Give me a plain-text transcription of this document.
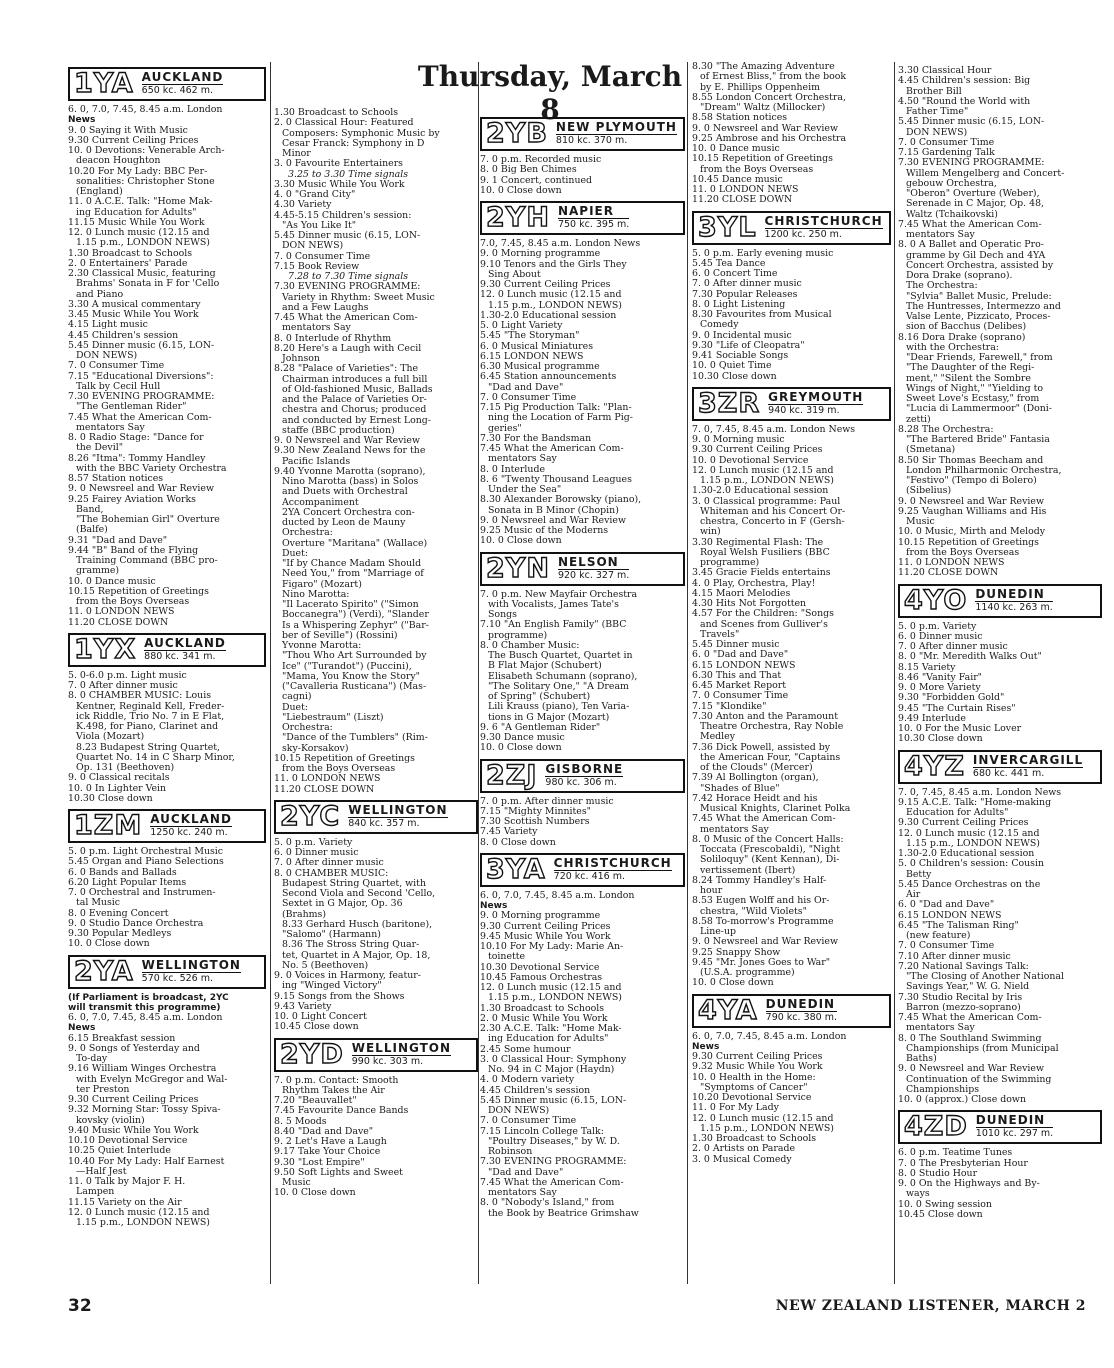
Thursday, March 8
1YA AUCKLAND
650 kc. 462 m.
6. 0, 7.0, 7.45, 8.45 a.m. London
News
9. 0 Saying it With Music
9.30 Current Ceiling Prices
10. 0 Devotions: Venerable Arch-
deacon Houghton
10.20 For My Lady: BBC Per-
sonalities: Christopher Stone
(England)
11. 0 A.C.E. Talk: "Home Mak-
ing Education for Adults"
11.15 Music While You Work
12. 0 Lunch music (12.15 and
1.15 p.m., LONDON NEWS)
1.30 Broadcast to Schools
2. 0 Entertainers' Parade
2.30 Classical Music, featuring
Brahms' Sonata in F for 'Cello
and Piano
3.30 A musical commentary
3.45 Music While You Work
4.15 Light music
4.45 Children's session
5.45 Dinner music (6.15, LON-
DON NEWS)
7. 0 Consumer Time
7.15 "Educational Diversions":
Talk by Cecil Hull
7.30 EVENING PROGRAMME:
"The Gentleman Rider"
7.45 What the American Com-
mentators Say
8. 0 Radio Stage: "Dance for
the Devil"
8.26 "Itma": Tommy Handley
with the BBC Variety Orchestra
8.57 Station notices
9. 0 Newsreel and War Review
9.25 Fairey Aviation Works
Band,
"The Bohemian Girl" Overture
(Balfe)
9.31 "Dad and Dave"
9.44 "B" Band of the Flying
Training Command (BBC pro-
gramme)
10. 0 Dance music
10.15 Repetition of Greetings
from the Boys Overseas
11. 0 LONDON NEWS
11.20 CLOSE DOWN
1YX AUCKLAND
880 kc. 341 m.
5. 0-6.0 p.m. Light music
7. 0 After dinner music
8. 0 CHAMBER MUSIC: Louis
Kentner, Reginald Kell, Freder-
ick Riddle, Trio No. 7 in E Flat,
K.498, for Piano, Clarinet and
Viola (Mozart)
8.23 Budapest String Quartet,
Quartet No. 14 in C Sharp Minor,
Op. 131 (Beethoven)
9. 0 Classical recitals
10. 0 In Lighter Vein
10.30 Close down
1ZM AUCKLAND
1250 kc. 240 m.
5. 0 p.m. Light Orchestral Music
5.45 Organ and Piano Selections
6. 0 Bands and Ballads
6.20 Light Popular Items
7. 0 Orchestral and Instrumen-
tal Music
8. 0 Evening Concert
9. 0 Studio Dance Orchestra
9.30 Popular Medleys
10. 0 Close down
2YA WELLINGTON
570 kc. 526 m.
(If Parliament is broadcast, 2YC
will transmit this programme)
6. 0, 7.0, 7.45, 8.45 a.m. London
News
6.15 Breakfast session
9. 0 Songs of Yesterday and
To-day
9.16 William Winges Orchestra
with Evelyn McGregor and Wal-
ter Preston
9.30 Current Ceiling Prices
9.32 Morning Star: Tossy Spiva-
kovsky (violin)
9.40 Music While You Work
10.10 Devotional Service
10.25 Quiet Interlude
10.40 For My Lady: Half Earnest
—Half Jest
11. 0 Talk by Major F. H.
Lampen
11.15 Variety on the Air
12. 0 Lunch music (12.15 and
1.15 p.m., LONDON NEWS)
1.30 Broadcast to Schools
2. 0 Classical Hour: Featured
Composers: Symphonic Music by
Cesar Franck: Symphony in D
Minor
3. 0 Favourite Entertainers
3.25 to 3.30 Time signals
3.30 Music While You Work
4. 0 "Grand City"
4.30 Variety
4.45-5.15 Children's session:
"As You Like It"
5.45 Dinner music (6.15, LON-
DON NEWS)
7. 0 Consumer Time
7.15 Book Review
7.28 to 7.30 Time signals
7.30 EVENING PROGRAMME:
Variety in Rhythm: Sweet Music
and a Few Laughs
7.45 What the American Com-
mentators Say
8. 0 Interlude of Rhythm
8.20 Here's a Laugh with Cecil
Johnson
8.28 "Palace of Varieties": The
Chairman introduces a full bill
of Old-fashioned Music, Ballads
and the Palace of Varieties Or-
chestra and Chorus; produced
and conducted by Ernest Long-
staffe (BBC production)
9. 0 Newsreel and War Review
9.30 New Zealand News for the
Pacific Islands
9.40 Yvonne Marotta (soprano),
Nino Marotta (bass) in Solos
and Duets with Orchestral
Accompaniment
2YA Concert Orchestra con-
ducted by Leon de Mauny
Orchestra:
Overture "Maritana" (Wallace)
Duet:
"If by Chance Madam Should
Need You," from "Marriage of
Figaro" (Mozart)
Nino Marotta:
"Il Lacerato Spirito" ("Simon
Boccanegra") (Verdi), "Slander
Is a Whispering Zephyr" ("Bar-
ber of Seville") (Rossini)
Yvonne Marotta:
"Thou Who Art Surrounded by
Ice" ("Turandot") (Puccini),
"Mama, You Know the Story"
("Cavalleria Rusticana") (Mas-
cagni)
Duet:
"Liebestraum" (Liszt)
Orchestra:
"Dance of the Tumblers" (Rim-
sky-Korsakov)
10.15 Repetition of Greetings
from the Boys Overseas
11. 0 LONDON NEWS
11.20 CLOSE DOWN
2YC WELLINGTON
840 kc. 357 m.
5. 0 p.m. Variety
6. 0 Dinner music
7. 0 After dinner music
8. 0 CHAMBER MUSIC:
Budapest String Quartet, with
Second Viola and Second 'Cello,
Sextet in G Major, Op. 36
(Brahms)
8.33 Gerhard Husch (baritone),
"Salomo" (Harmann)
8.36 The Stross String Quar-
tet, Quartet in A Major, Op. 18,
No. 5 (Beethoven)
9. 0 Voices in Harmony, featur-
ing "Winged Victory"
9.15 Songs from the Shows
9.43 Variety
10. 0 Light Concert
10.45 Close down
2YD WELLINGTON
990 kc. 303 m.
7. 0 p.m. Contact: Smooth
Rhythm Takes the Air
7.20 "Beauvallet"
7.45 Favourite Dance Bands
8. 5 Moods
8.40 "Dad and Dave"
9. 2 Let's Have a Laugh
9.17 Take Your Choice
9.30 "Lost Empire"
9.50 Soft Lights and Sweet
Music
10. 0 Close down
2YB NEW PLYMOUTH
810 kc. 370 m.
7. 0 p.m. Recorded music
8. 0 Big Ben Chimes
9. 1 Concert, continued
10. 0 Close down
2YH NAPIER
750 kc. 395 m.
7.0, 7.45, 8.45 a.m. London News
9. 0 Morning programme
9.10 Tenors and the Girls They
Sing About
9.30 Current Ceiling Prices
12. 0 Lunch music (12.15 and
1.15 p.m., LONDON NEWS)
1.30-2.0 Educational session
5. 0 Light Variety
5.45 "The Storyman"
6. 0 Musical Miniatures
6.15 LONDON NEWS
6.30 Musical programme
6.45 Station announcements
"Dad and Dave"
7. 0 Consumer Time
7.15 Pig Production Talk: "Plan-
ning the Location of Farm Pig-
geries"
7.30 For the Bandsman
7.45 What the American Com-
mentators Say
8. 0 Interlude
8. 6 "Twenty Thousand Leagues
Under the Sea"
8.30 Alexander Borowsky (piano),
Sonata in B Minor (Chopin)
9. 0 Newsreel and War Review
9.25 Music of the Moderns
10. 0 Close down
2YN NELSON
920 kc. 327 m.
7. 0 p.m. New Mayfair Orchestra
with Vocalists, James Tate's
Songs
7.10 "An English Family" (BBC
programme)
8. 0 Chamber Music:
The Busch Quartet, Quartet in
B Flat Major (Schubert)
Elisabeth Schumann (soprano),
"The Solitary One," "A Dream
of Spring" (Schubert)
Lili Krauss (piano), Ten Varia-
tions in G Major (Mozart)
9. 6 "A Gentleman Rider"
9.30 Dance music
10. 0 Close down
2ZJ GISBORNE
980 kc. 306 m.
7. 0 p.m. After dinner music
7.15 "Mighty Minnites"
7.30 Scottish Numbers
7.45 Variety
8. 0 Close down
3YA CHRISTCHURCH
720 kc. 416 m.
6. 0, 7.0, 7.45, 8.45 a.m. London
News
9. 0 Morning programme
9.30 Current Ceiling Prices
9.45 Music While You Work
10.10 For My Lady: Marie An-
toinette
10.30 Devotional Service
10.45 Famous Orchestras
12. 0 Lunch music (12.15 and
1.15 p.m., LONDON NEWS)
1.30 Broadcast to Schools
2. 0 Music While You Work
2.30 A.C.E. Talk: "Home Mak-
ing Education for Adults"
2.45 Some humour
3. 0 Classical Hour: Symphony
No. 94 in C Major (Haydn)
4. 0 Modern variety
4.45 Children's session
5.45 Dinner music (6.15, LON-
DON NEWS)
7. 0 Consumer Time
7.15 Lincoln College Talk:
"Poultry Diseases," by W. D.
Robinson
7.30 EVENING PROGRAMME:
"Dad and Dave"
7.45 What the American Com-
mentators Say
8. 0 "Nobody's Island," from
the Book by Beatrice Grimshaw
8.30 "The Amazing Adventure
of Ernest Bliss," from the book
by E. Phillips Oppenheim
8.55 London Concert Orchestra,
"Dream" Waltz (Millocker)
8.58 Station notices
9. 0 Newsreel and War Review
9.25 Ambrose and his Orchestra
10. 0 Dance music
10.15 Repetition of Greetings
from the Boys Overseas
10.45 Dance music
11. 0 LONDON NEWS
11.20 CLOSE DOWN
3YL CHRISTCHURCH
1200 kc. 250 m.
5. 0 p.m. Early evening music
5.45 Tea Dance
6. 0 Concert Time
7. 0 After dinner music
7.30 Popular Releases
8. 0 Light Listening
8.30 Favourites from Musical
Comedy
9. 0 Incidental music
9.30 "Life of Cleopatra"
9.41 Sociable Songs
10. 0 Quiet Time
10.30 Close down
3ZR GREYMOUTH
940 kc. 319 m.
7. 0, 7.45, 8.45 a.m. London News
9. 0 Morning music
9.30 Current Ceiling Prices
10. 0 Devotional Service
12. 0 Lunch music (12.15 and
1.15 p.m., LONDON NEWS)
1.30-2.0 Educational session
3. 0 Classical programme: Paul
Whiteman and his Concert Or-
chestra, Concerto in F (Gersh-
win)
3.30 Regimental Flash: The
Royal Welsh Fusiliers (BBC
programme)
3.45 Gracie Fields entertains
4. 0 Play, Orchestra, Play!
4.15 Maori Melodies
4.30 Hits Not Forgotten
4.57 For the Children: "Songs
and Scenes from Gulliver's
Travels"
5.45 Dinner music
6. 0 "Dad and Dave"
6.15 LONDON NEWS
6.30 This and That
6.45 Market Report
7. 0 Consumer Time
7.15 "Klondike"
7.30 Anton and the Paramount
Theatre Orchestra, Ray Noble
Medley
7.36 Dick Powell, assisted by
the American Four, "Captains
of the Clouds" (Mercer)
7.39 Al Bollington (organ),
"Shades of Blue"
7.42 Horace Heidt and his
Musical Knights, Clarinet Polka
7.45 What the American Com-
mentators Say
8. 0 Music of the Concert Halls:
Toccata (Frescobaldi), "Night
Soliloquy" (Kent Kennan), Di-
vertissement (Ibert)
8.24 Tommy Handley's Half-
hour
8.53 Eugen Wolff and his Or-
chestra, "Wild Violets"
8.58 To-morrow's Programme
Line-up
9. 0 Newsreel and War Review
9.25 Snappy Show
9.45 "Mr. Jones Goes to War"
(U.S.A. programme)
10. 0 Close down
4YA DUNEDIN
790 kc. 380 m.
6. 0, 7.0, 7.45, 8.45 a.m. London
News
9.30 Current Ceiling Prices
9.32 Music While You Work
10. 0 Health in the Home:
"Symptoms of Cancer"
10.20 Devotional Service
11. 0 For My Lady
12. 0 Lunch music (12.15 and
1.15 p.m., LONDON NEWS)
1.30 Broadcast to Schools
2. 0 Artists on Parade
3. 0 Musical Comedy
3.30 Classical Hour
4.45 Children's session: Big
Brother Bill
4.50 "Round the World with
Father Time"
5.45 Dinner music (6.15, LON-
DON NEWS)
7. 0 Consumer Time
7.15 Gardening Talk
7.30 EVENING PROGRAMME:
Willem Mengelberg and Concert-
gebouw Orchestra,
"Oberon" Overture (Weber),
Serenade in C Major, Op. 48,
Waltz (Tchaikovski)
7.45 What the American Com-
mentators Say
8. 0 A Ballet and Operatic Pro-
gramme by Gil Dech and 4YA
Concert Orchestra, assisted by
Dora Drake (soprano).
The Orchestra:
"Sylvia" Ballet Music, Prelude:
The Huntresses, Intermezzo and
Valse Lente, Pizzicato, Proces-
sion of Bacchus (Delibes)
8.16 Dora Drake (soprano)
with the Orchestra:
"Dear Friends, Farewell," from
"The Daughter of the Regi-
ment," "Silent the Sombre
Wings of Night," "Yielding to
Sweet Love's Ecstasy," from
"Lucia di Lammermoor" (Doni-
zetti)
8.28 The Orchestra:
"The Bartered Bride" Fantasia
(Smetana)
8.50 Sir Thomas Beecham and
London Philharmonic Orchestra,
"Festivo" (Tempo di Bolero)
(Sibelius)
9. 0 Newsreel and War Review
9.25 Vaughan Williams and His
Music
10. 0 Music, Mirth and Melody
10.15 Repetition of Greetings
from the Boys Overseas
11. 0 LONDON NEWS
11.20 CLOSE DOWN
4YO DUNEDIN
1140 kc. 263 m.
5. 0 p.m. Variety
6. 0 Dinner music
7. 0 After dinner music
8. 0 "Mr. Meredith Walks Out"
8.15 Variety
8.46 "Vanity Fair"
9. 0 More Variety
9.30 "Forbidden Gold"
9.45 "The Curtain Rises"
9.49 Interlude
10. 0 For the Music Lover
10.30 Close down
4YZ INVERCARGILL
680 kc. 441 m.
7. 0, 7.45, 8.45 a.m. London News
9.15 A.C.E. Talk: "Home-making
Education for Adults"
9.30 Current Ceiling Prices
12. 0 Lunch music (12.15 and
1.15 p.m., LONDON NEWS)
1.30-2.0 Educational session
5. 0 Children's session: Cousin
Betty
5.45 Dance Orchestras on the
Air
6. 0 "Dad and Dave"
6.15 LONDON NEWS
6.45 "The Talisman Ring"
(new feature)
7. 0 Consumer Time
7.10 After dinner music
7.20 National Savings Talk:
"The Closing of Another National
Savings Year," W. G. Nield
7.30 Studio Recital by Iris
Barron (mezzo-soprano)
7.45 What the American Com-
mentators Say
8. 0 The Southland Swimming
Championships (from Municipal
Baths)
9. 0 Newsreel and War Review
Continuation of the Swimming
Championships
10. 0 (approx.) Close down
4ZD DUNEDIN
1010 kc. 297 m.
6. 0 p.m. Teatime Tunes
7. 0 The Presbyterian Hour
8. 0 Studio Hour
9. 0 On the Highways and By-
ways
10. 0 Swing session
10.45 Close down
32	NEW ZEALAND LISTENER, MARCH 2
